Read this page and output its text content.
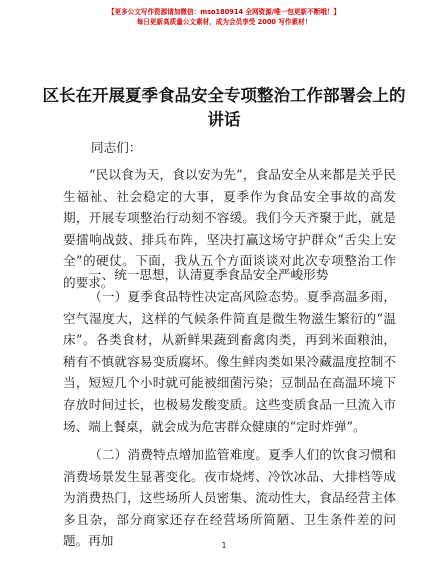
【更多公文写作资源请加微信：mso180914 全网资源/唯一包更新不断哦！】
每日更新高质量公文素材，成为会员享受 2000 写作素材！
区长在开展夏季食品安全专项整治工作部署会上的讲话
同志们：
“民以食为天，食以安为先”，食品安全从来都是关乎民生福祉、社会稳定的大事，夏季作为食品安全事故的高发期，开展专项整治行动刻不容缓。我们今天齐聚于此，就是要擂响战鼓、排兵布阵，坚决打赢这场守护群众“舌尖上安全”的硬仗。下面，我从五个方面谈谈对此次专项整治工作的要求。
一、统一思想，认清夏季食品安全严峻形势
（一）夏季食品特性决定高风险态势。夏季高温多雨，空气湿度大，这样的气候条件简直是微生物滋生繁衍的“温床”。各类食材，从新鲜果蔬到畜禽肉类，再到米面粮油，稍有不慎就容易变质腐坏。像生鲜肉类如果冷藏温度控制不当，短短几个小时就可能被细菌污染；豆制品在高温环境下存放时间过长，也极易发酸变质。这些变质食品一旦流入市场、端上餐桌，就会成为危害群众健康的“定时炸弹”。
（二）消费特点增加监管难度。夏季人们的饮食习惯和消费场景发生显著变化。夜市烧烤、冷饮冰品、大排档等成为消费热门，这些场所人员密集、流动性大，食品经营主体多且杂，部分商家还存在经营场所简陋、卫生条件差的问题。再加	1
